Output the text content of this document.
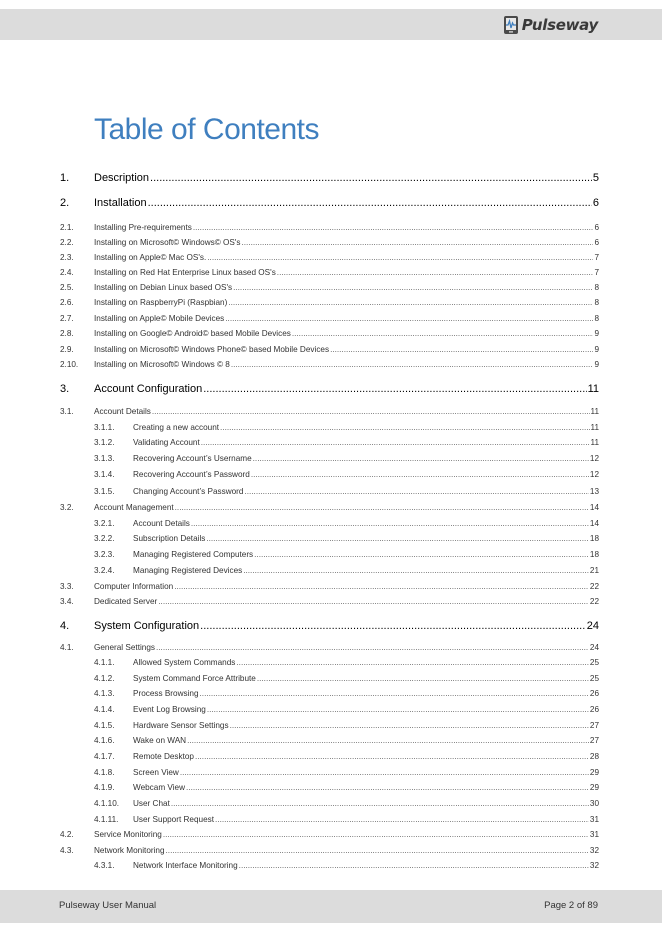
Pulseway
Table of Contents
1. Description .....	5
2. Installation .....	6
2.1. Installing Pre-requirements .....	6
2.2. Installing on Microsoft© Windows© OS's .....	6
2.3. Installing on Apple© Mac OS's. .....	7
2.4. Installing on Red Hat Enterprise Linux based OS's .....	7
2.5. Installing on Debian Linux based OS's .....	8
2.6. Installing on RaspberryPi (Raspbian) .....	8
2.7. Installing on Apple© Mobile Devices .....	8
2.8. Installing on Google© Android© based Mobile Devices .....	9
2.9. Installing on Microsoft© Windows Phone© based Mobile Devices .....	9
2.10. Installing on Microsoft© Windows © 8 .....	9
3. Account Configuration .....	11
3.1. Account Details .....	11
3.1.1. Creating a new account .....	11
3.1.2. Validating Account .....	11
3.1.3. Recovering Account’s Username .....	12
3.1.4. Recovering Account’s Password .....	12
3.1.5. Changing Account’s Password .....	13
3.2. Account Management .....	14
3.2.1. Account Details .....	14
3.2.2. Subscription Details .....	18
3.2.3. Managing Registered Computers .....	18
3.2.4. Managing Registered Devices .....	21
3.3. Computer Information .....	22
3.4. Dedicated Server .....	22
4. System Configuration .....	24
4.1. General Settings .....	24
4.1.1. Allowed System Commands .....	25
4.1.2. System Command Force Attribute .....	25
4.1.3. Process Browsing .....	26
4.1.4. Event Log Browsing .....	26
4.1.5. Hardware Sensor Settings .....	27
4.1.6. Wake on WAN .....	27
4.1.7. Remote Desktop .....	28
4.1.8. Screen View .....	29
4.1.9. Webcam View .....	29
4.1.10. User Chat .....	30
4.1.11. User Support Request .....	31
4.2. Service Monitoring .....	31
4.3. Network Monitoring .....	32
4.3.1. Network Interface Monitoring .....	32
Pulseway User Manual	Page 2 of 89
